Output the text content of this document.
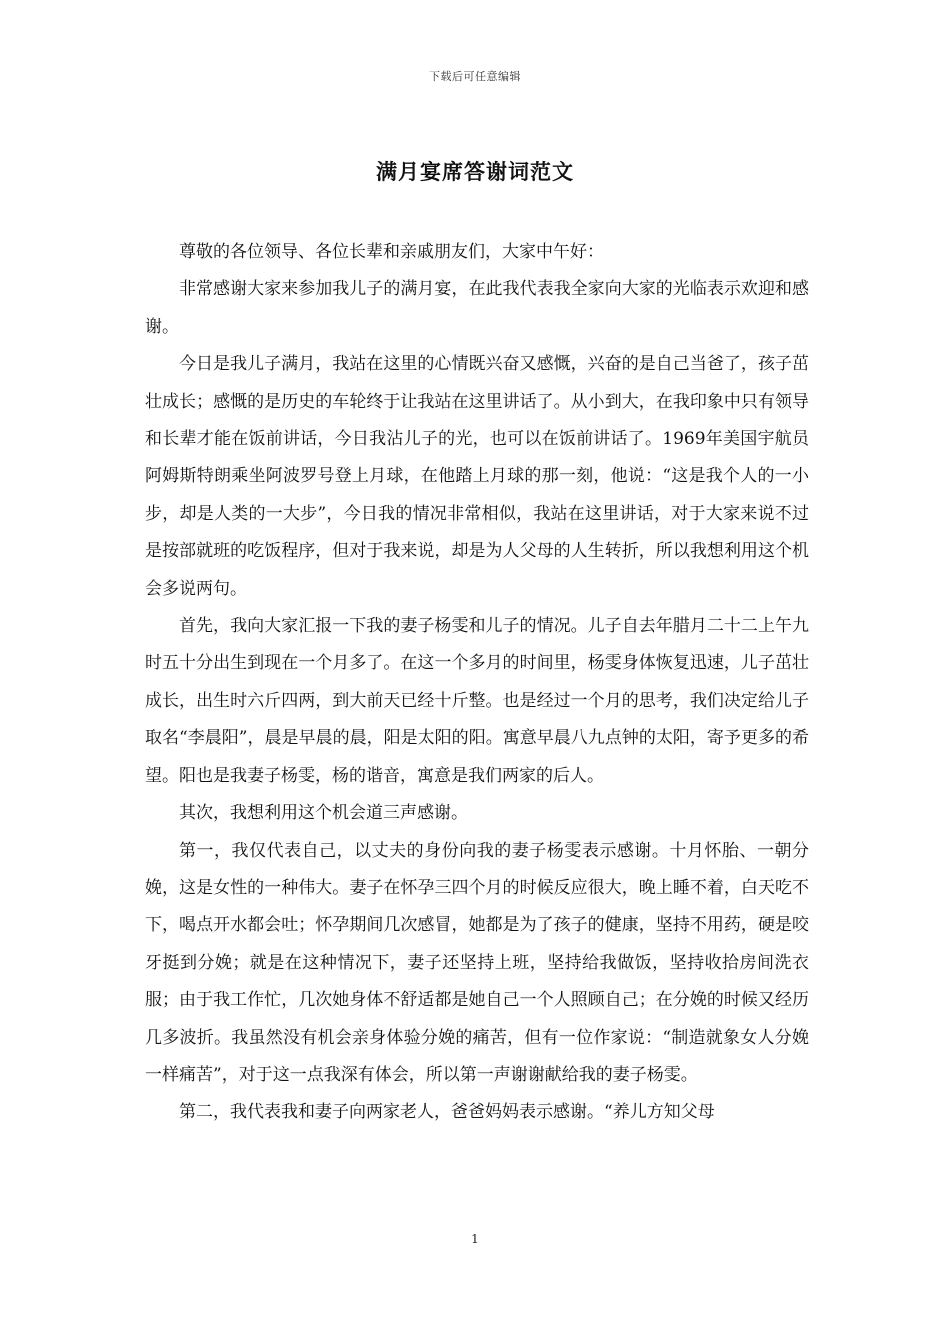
下载后可任意编辑
满月宴席答谢词范文

尊敬的各位领导、各位长辈和亲戚朋友们，大家中午好：

非常感谢大家来参加我儿子的满月宴，在此我代表我全家向大家的光临表示欢迎和感谢。

今日是我儿子满月，我站在这里的心情既兴奋又感慨，兴奋的是自己当爸了，孩子茁壮成长；感慨的是历史的车轮终于让我站在这里讲话了。从小到大，在我印象中只有领导和长辈才能在饭前讲话，今日我沾儿子的光，也可以在饭前讲话了。1969年美国宇航员阿姆斯特朗乘坐阿波罗号登上月球，在他踏上月球的那一刻，他说：“这是我个人的一小步，却是人类的一大步”，今日我的情况非常相似，我站在这里讲话，对于大家来说不过是按部就班的吃饭程序，但对于我来说，却是为人父母的人生转折，所以我想利用这个机会多说两句。

首先，我向大家汇报一下我的妻子杨雯和儿子的情况。儿子自去年腊月二十二上午九时五十分出生到现在一个月多了。在这一个多月的时间里，杨雯身体恢复迅速，儿子茁壮成长，出生时六斤四两，到大前天已经十斤整。也是经过一个月的思考，我们决定给儿子取名“李晨阳”，晨是早晨的晨，阳是太阳的阳。寓意早晨八九点钟的太阳，寄予更多的希望。阳也是我妻子杨雯，杨的谐音，寓意是我们两家的后人。

其次，我想利用这个机会道三声感谢。

第一，我仅代表自己，以丈夫的身份向我的妻子杨雯表示感谢。十月怀胎、一朝分娩，这是女性的一种伟大。妻子在怀孕三四个月的时候反应很大，晚上睡不着，白天吃不下，喝点开水都会吐；怀孕期间几次感冒，她都是为了孩子的健康，坚持不用药，硬是咬牙挺到分娩；就是在这种情况下，妻子还坚持上班，坚持给我做饭，坚持收拾房间洗衣服；由于我工作忙，几次她身体不舒适都是她自己一个人照顾自己；在分娩的时候又经历几多波折。我虽然没有机会亲身体验分娩的痛苦，但有一位作家说：“制造就象女人分娩一样痛苦”，对于这一点我深有体会，所以第一声谢谢献给我的妻子杨雯。

第二，我代表我和妻子向两家老人，爸爸妈妈表示感谢。“养儿方知父母

1
